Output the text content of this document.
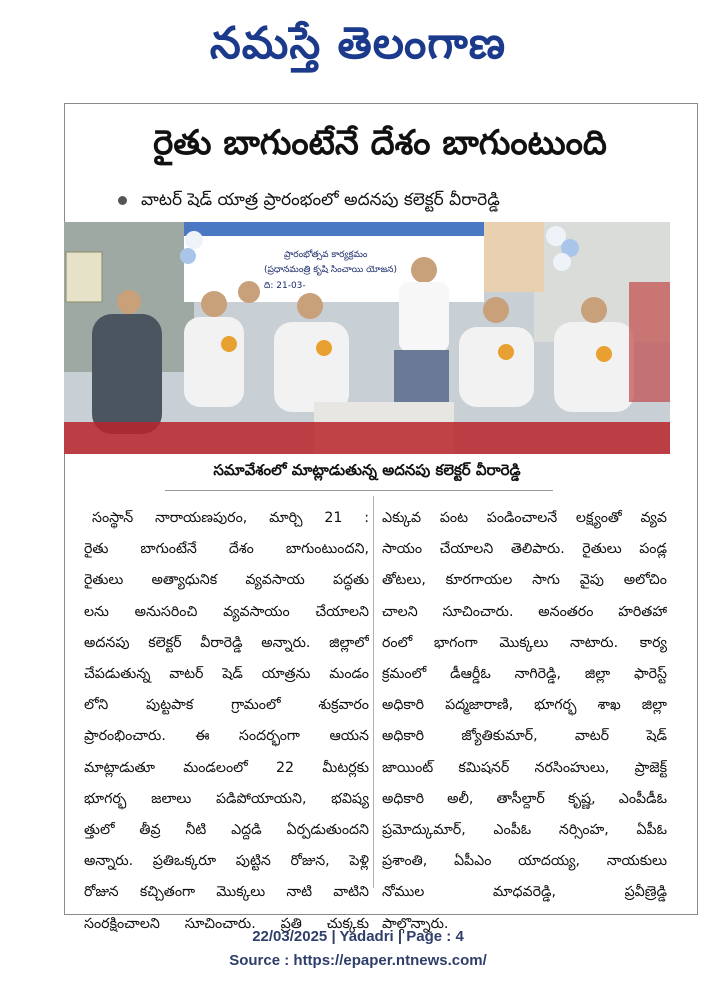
నమస్తే తెలంగాణ
రైతు బాగుంటేనే దేశం బాగుంటుంది
వాటర్ షెడ్ యాత్ర ప్రారంభంలో అదనపు కలెక్టర్ వీరారెడ్డి
ప్రారంభోత్సవ కార్యక్రమం
(ప్రధానమంత్రి కృషి సించాయి యోజన)
ది: 21-03-
సమావేశంలో మాట్లాడుతున్న అదనపు కలెక్టర్ వీరారెడ్డి
సంస్థాన్ నారాయణపురం, మార్చి 21 :
రైతు బాగుంటేనే దేశం బాగుంటుందని,
రైతులు అత్యాధునిక వ్యవసాయ పద్ధతు
లను అనుసరించి వ్యవసాయం చేయాలని
అదనపు కలెక్టర్ వీరారెడ్డి అన్నారు. జిల్లాలో
చేపడుతున్న వాటర్ షెడ్ యాత్రను మండం
లోని పుట్టపాక గ్రామంలో శుక్రవారం
ప్రారంభించారు. ఈ సందర్భంగా ఆయన
మాట్లాడుతూ మండలంలో 22 మీటర్లకు
భూగర్భ జలాలు పడిపోయాయని, భవిష్య
త్తులో తీవ్ర నీటి ఎద్దడి ఏర్పడుతుందని
అన్నారు. ప్రతిఒక్కరూ పుట్టిన రోజున, పెళ్లి
రోజున కచ్చితంగా మొక్కలు నాటి వాటిని
సంరక్షించాలని సూచించారు. ప్రతి చుక్కకు
ఎక్కువ పంట పండించాలనే లక్ష్యంతో వ్యవ
సాయం చేయాలని తెలిపారు. రైతులు పండ్ల
తోటలు, కూరగాయల సాగు వైపు అలోచిం
చాలని సూచించారు. అనంతరం హరితహా
రంలో భాగంగా మొక్కలు నాటారు. కార్య
క్రమంలో డీఆర్డీఓ నాగిరెడ్డి, జిల్లా ఫారెస్ట్
అధికారి పద్మజారాణి, భూగర్భ శాఖ జిల్లా
అధికారి జ్యోతికుమార్, వాటర్ షెడ్
జాయింట్ కమిషనర్ నరసింహులు, ప్రాజెక్ట్
అధికారి అలీ, తాసీల్దార్ కృష్ణ, ఎంపీడీఓ
ప్రమోద్కుమార్, ఎంపీఓ నర్సింహ, ఏపీఓ
ప్రశాంతి, ఏపీఎం యాదయ్య, నాయకులు
నోముల మాధవరెడ్డి, ప్రవీణ్రెడ్డి
పాల్గొన్నారు.
22/03/2025 | Yadadri | Page : 4
Source : https://epaper.ntnews.com/
